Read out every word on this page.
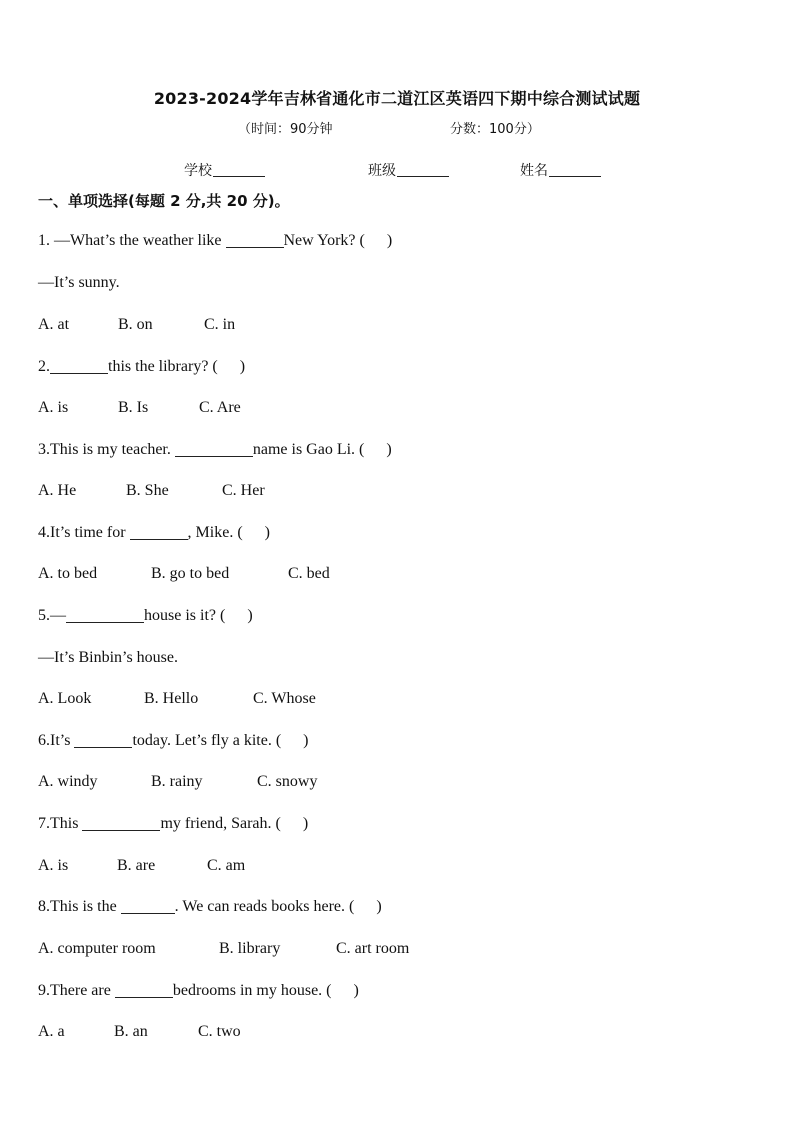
2023-2024学年吉林省通化市二道江区英语四下期中综合测试试题
（时间：90分钟	分数：100分）
学校	班级	姓名
一、单项选择(每题 2 分,共 20 分)。
1. —What’s the weather like	New York? ( )
—It’s sunny.
A. at	B. on	C. in
2.	this the library? ( )
A. is	B. Is	C. Are
3.This is my teacher.	name is Gao Li. ( )
A. He	B. She	C. Her
4.It’s time for	, Mike. ( )
A. to bed	B. go to bed	C. bed
5.—	house is it? ( )
—It’s Binbin’s house.
A. Look	B. Hello	C. Whose
6.It’s	today. Let’s fly a kite. ( )
A. windy	B. rainy	C. snowy
7.This	my friend, Sarah. ( )
A. is	B. are	C. am
8.This is the	. We can reads books here. ( )
A. computer room	B. library	C. art room
9.There are	bedrooms in my house. ( )
A. a	B. an	C. two
